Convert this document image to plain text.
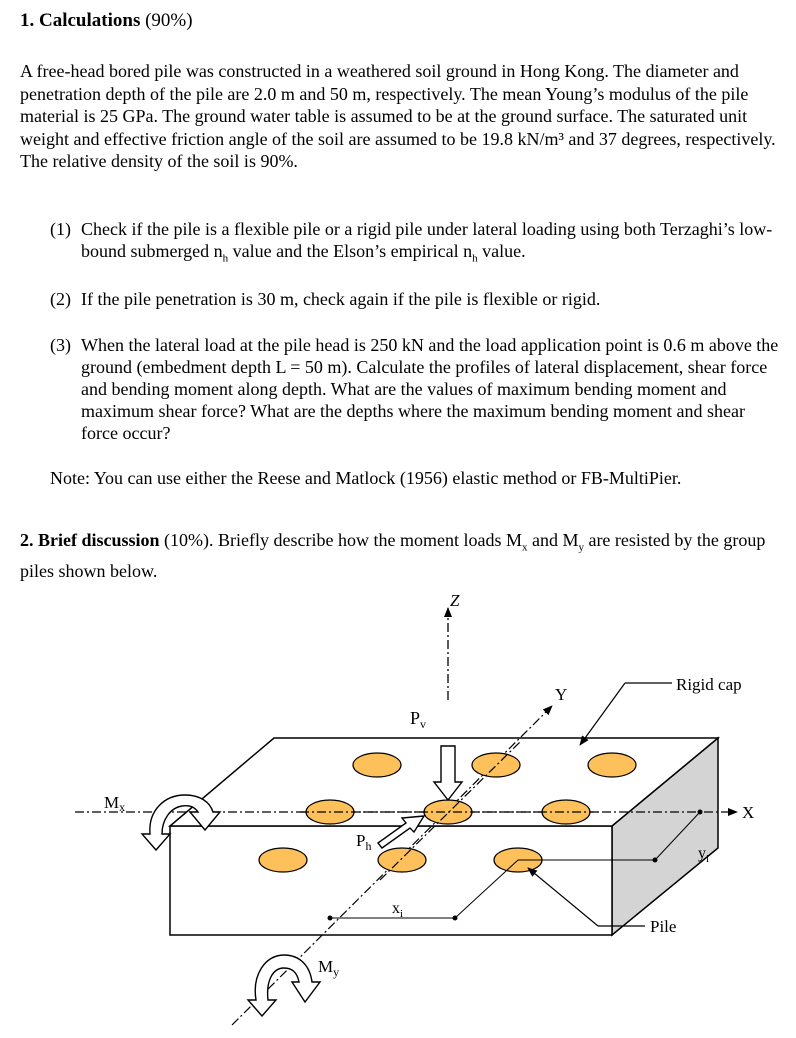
1. Calculations (90%)
A free-head bored pile was constructed in a weathered soil ground in Hong Kong. The diameter and penetration depth of the pile are 2.0 m and 50 m, respectively. The mean Young’s modulus of the pile material is 25 GPa. The ground water table is assumed to be at the ground surface. The saturated unit weight and effective friction angle of the soil are assumed to be 19.8 kN/m³ and 37 degrees, respectively. The relative density of the soil is 90%.
(1) Check if the pile is a flexible pile or a rigid pile under lateral loading using both Terzaghi’s low-bound submerged $n_h$ value and the Elson’s empirical $n_h$ value.
(2) If the pile penetration is 30 m, check again if the pile is flexible or rigid.
(3) When the lateral load at the pile head is 250 kN and the load application point is 0.6 m above the ground (embedment depth L = 50 m). Calculate the profiles of lateral displacement, shear force and bending moment along depth. What are the values of maximum bending moment and maximum shear force? What are the depths where the maximum bending moment and shear force occur?
Note: You can use either the Reese and Matlock (1956) elastic method or FB-MultiPier.
2. Brief discussion (10%). Briefly describe how the moment loads $M_x$ and $M_y$ are resisted by the group piles shown below.
$P_v$
$P_h$
Mx
$M_y$
Z
Y
X
Rigid cap
$x_i$
$y_i$
Pile
